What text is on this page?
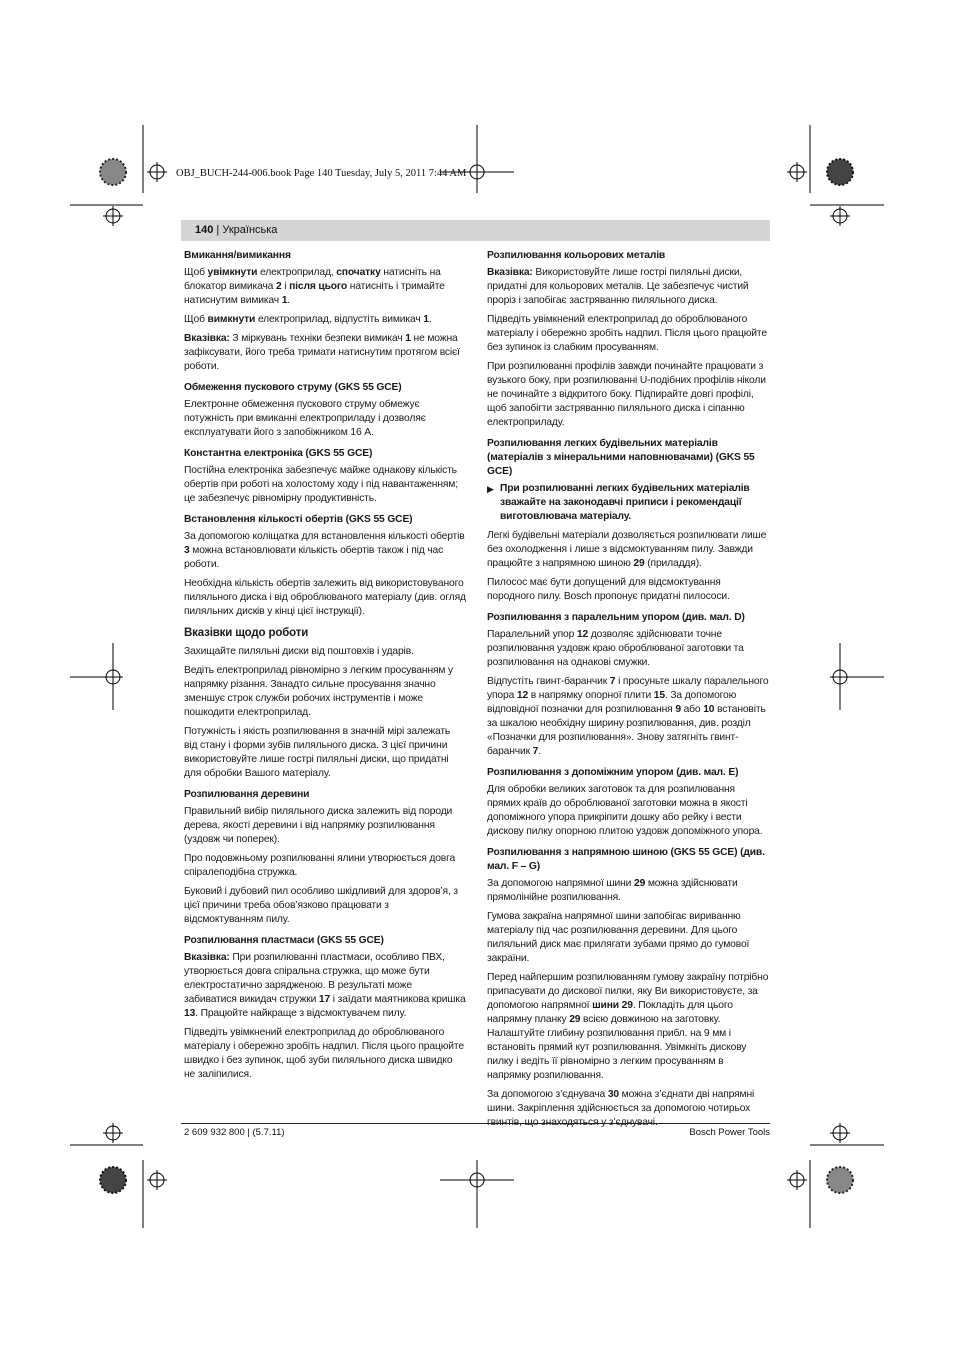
OBJ_BUCH-244-006.book Page 140 Tuesday, July 5, 2011 7:44 AM
140 | Українська
Вмикання/вимикання

Щоб увімкнути електроприлад, спочатку натисніть на блокатор вимикача 2 і після цього натисніть і тримайте натиснутим вимикач 1.

Щоб вимкнути електроприлад, відпустіть вимикач 1.

Вказівка: З міркувань техніки безпеки вимикач 1 не можна зафіксувати, його треба тримати натиснутим протягом всієї роботи.

Обмеження пускового струму (GKS 55 GCE)

Електронне обмеження пускового струму обмежує потужність при вмиканні електроприладу і дозволяє експлуатувати його з запобіжником 16 A.

Константна електроніка (GKS 55 GCE)

Постійна електроніка забезпечує майже однакову кількість обертів при роботі на холостому ходу і під навантаженням; це забезпечує рівномірну продуктивність.

Встановлення кількості обертів (GKS 55 GCE)

За допомогою коліщатка для встановлення кількості обертів 3 можна встановлювати кількість обертів також і під час роботи.

Необхідна кількість обертів залежить від використовуваного пиляльного диска і від оброблюваного матеріалу (див. огляд пиляльних дисків у кінці цієї інструкції).

Вказівки щодо роботи

Захищайте пиляльні диски від поштовхів і ударів.

Ведіть електроприлад рівномірно з легким просуванням у напрямку різання. Занадто сильне просування значно зменшує строк служби робочих інструментів і може пошкодити електроприлад.

Потужність і якість розпилювання в значній мірі залежать від стану і форми зубів пиляльного диска. З цієї причини використовуйте лише гострі пиляльні диски, що придатні для обробки Вашого матеріалу.

Розпилювання деревини

Правильний вибір пиляльного диска залежить від породи дерева, якості деревини і від напрямку розпилювання (уздовж чи поперек).

Про подовжньому розпилюванні ялини утворюється довга спіралеподібна стружка.

Буковий і дубовий пил особливо шкідливий для здоров’я, з цієї причини треба обов’язково працювати з відсмоктуванням пилу.

Розпилювання пластмаси (GKS 55 GCE)

Вказівка: При розпилюванні пластмаси, особливо ПВХ, утворюється довга спіральна стружка, що може бути електростатично зарядженою. В результаті може забиватися викидач стружки 17 і заїдати маятникова кришка 13. Працюйте найкраще з відсмоктувачем пилу.

Підведіть увімкнений електроприлад до оброблюваного матеріалу і обережно зробіть надпил. Після цього працюйте швидко і без зупинок, щоб зуби пиляльного диска швидко не заліпилися.

Розпилювання кольорових металів

Вказівка: Використовуйте лише гострі пиляльні диски, придатні для кольорових металів. Це забезпечує чистий проріз і запобігає застряванню пиляльного диска.

Підведіть увімкнений електроприлад до оброблюваного матеріалу і обережно зробіть надпил. Після цього працюйте без зупинок із слабким просуванням.

При розпилюванні профілів завжди починайте працювати з вузького боку, при розпилюванні U-подібних профілів ніколи не починайте з відкритого боку. Підпирайте довгі профілі, щоб запобігти застряванню пиляльного диска і сіпанню електроприладу.

Розпилювання легких будівельних матеріалів (матеріалів з мінеральними наповнювачами) (GKS 55 GCE)
▶ При розпилюванні легких будівельних матеріалів зважайте на законодавчі приписи і рекомендації виготовлювача матеріалу.

Легкі будівельні матеріали дозволяється розпилювати лише без охолодження і лише з відсмоктуванням пилу. Завжди працюйте з напрямною шиною 29 (приладдя).

Пилосос має бути допущений для відсмоктування породного пилу. Bosch пропонує придатні пилососи.

Розпилювання з паралельним упором (див. мал. D)

Паралельний упор 12 дозволяє здійснювати точне розпилювання уздовж краю оброблюваної заготовки та розпилювання на однакові смужки.

Відпустіть гвинт-баранчик 7 і просуньте шкалу паралельного упора 12 в напрямку опорної плити 15. За допомогою відповідної позначки для розпилювання 9 або 10 встановіть за шкалою необхідну ширину розпилювання, див. розділ «Позначки для розпилювання». Знову затягніть гвинт-баранчик 7.

Розпилювання з допоміжним упором (див. мал. E)

Для обробки великих заготовок та для розпилювання прямих країв до оброблюваної заготовки можна в якості допоміжного упора прикріпити дошку або рейку і вести дискову пилку опорною плитою уздовж допоміжного упора.

Розпилювання з напрямною шиною (GKS 55 GCE) (див. мал. F – G)

За допомогою напрямної шини 29 можна здійснювати прямолінійне розпилювання.

Гумова закраїна напрямної шини запобігає вириванню матеріалу під час розпилювання деревини. Для цього пиляльний диск має прилягати зубами прямо до гумової закраїни.

Перед найпершим розпилюванням гумову закраїну потрібно припасувати до дискової пилки, яку Ви використовуєте, за допомогою напрямної шини 29. Покладіть для цього напрямну планку 29 всією довжиною на заготовку. Налаштуйте глибину розпилювання прибл. на 9 мм і встановіть прямий кут розпилювання. Увімкніть дискову пилку і ведіть її рівномірно з легким просуванням в напрямку розпилювання.

За допомогою з’єднувача 30 можна з’єднати дві напрямні шини. Закріплення здійснюється за допомогою чотирьох гвинтів, що знаходяться у з’єднувачі.

2 609 932 800 | (5.7.11)	Bosch Power Tools
